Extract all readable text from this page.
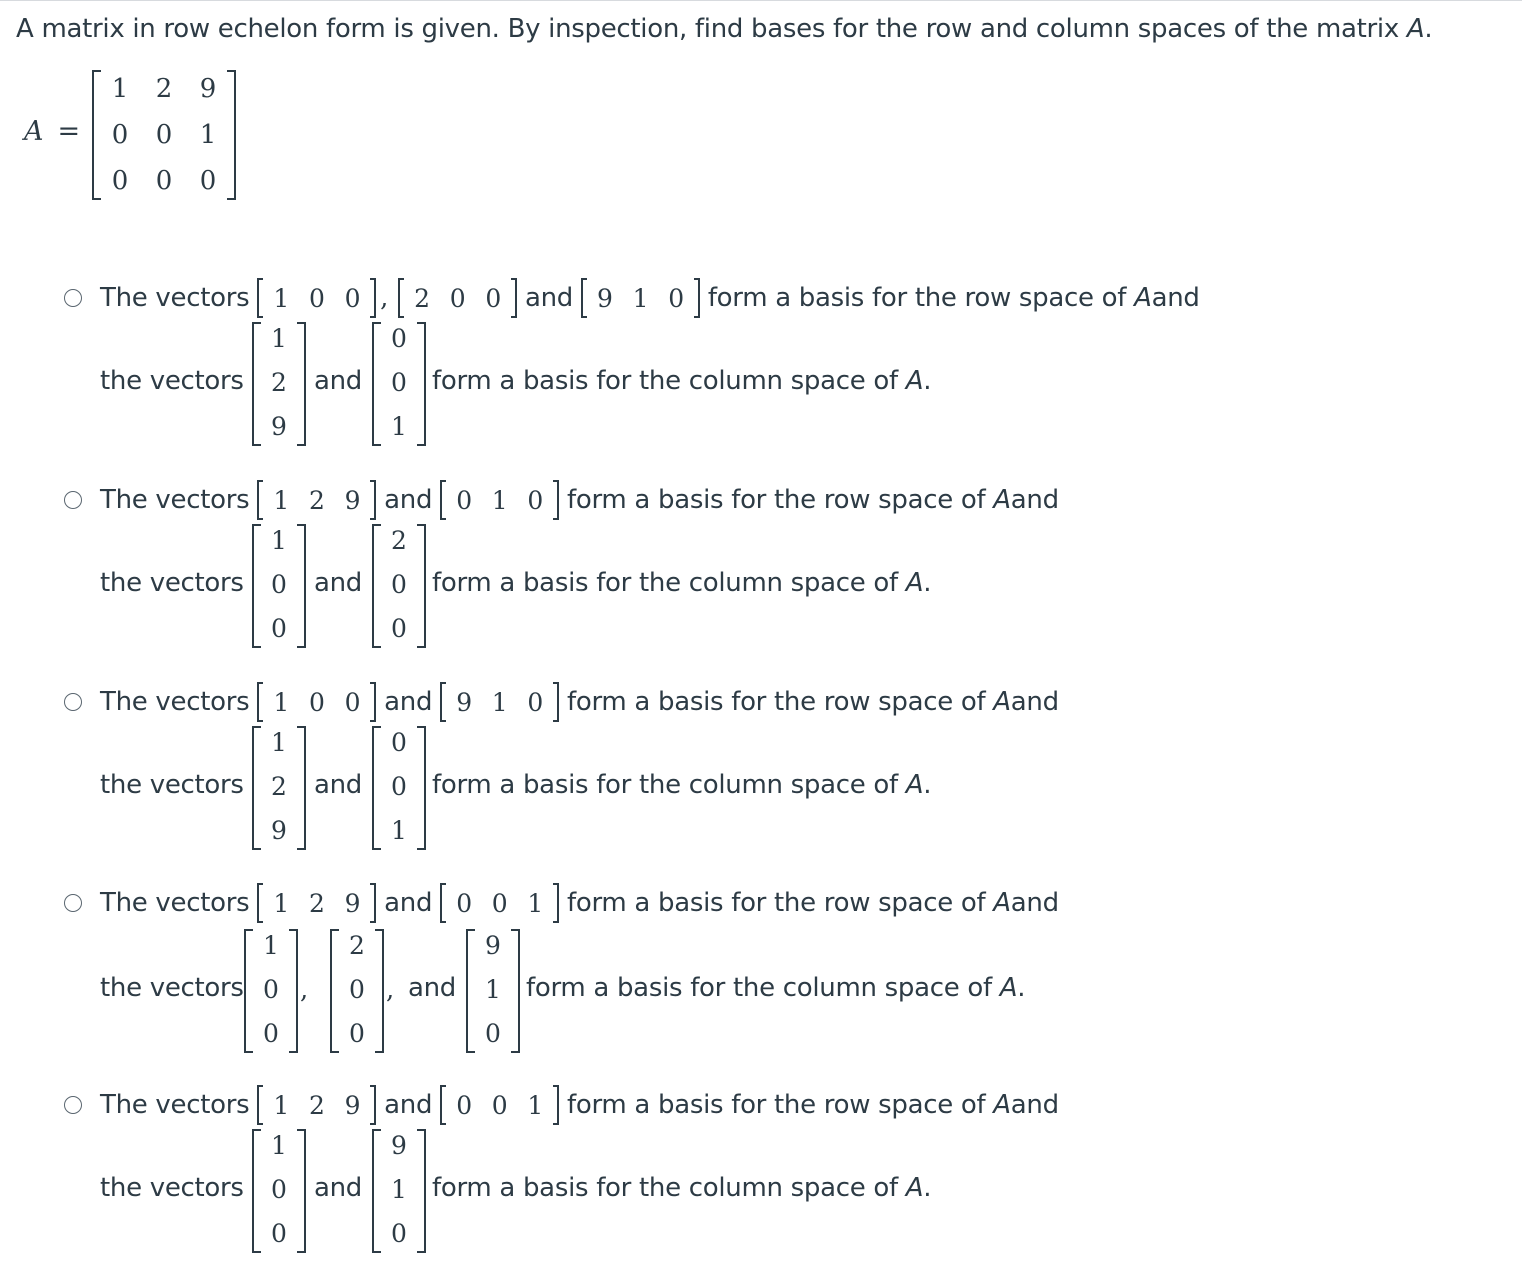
A matrix in row echelon form is given. By inspection, find bases for the row and column spaces of the matrix A.
A =
1	2	9
0	0	1
0	0	0
The vectors 1 0 0 ,	2 0 0 and 9 1 0 form a basis for the row space of
A and
the vectors
1
2
9
and
0
0
1
form a basis for the column space of A.
The vectors 1 2 9 and 0 1 0 form a basis for the row space of
A and
the vectors
1
0
0
and
2
0
0
form a basis for the column space of A.
The vectors 1 0 0 and 9 1 0 form a basis for the row space of
A and
the vectors
1
2
9
and
0
0
1
form a basis for the column space of A.
The vectors 1 2 9 and 0 0 1 form a basis for the row space of
A and
the vectors
1
0
0
,
2
0
0
, and
9
1
0
form a basis for the column space of A.
The vectors 1 2 9 and 0 0 1 form a basis for the row space of
A and
the vectors
1
0
0
and
9
1
0
form a basis for the column space of A.
